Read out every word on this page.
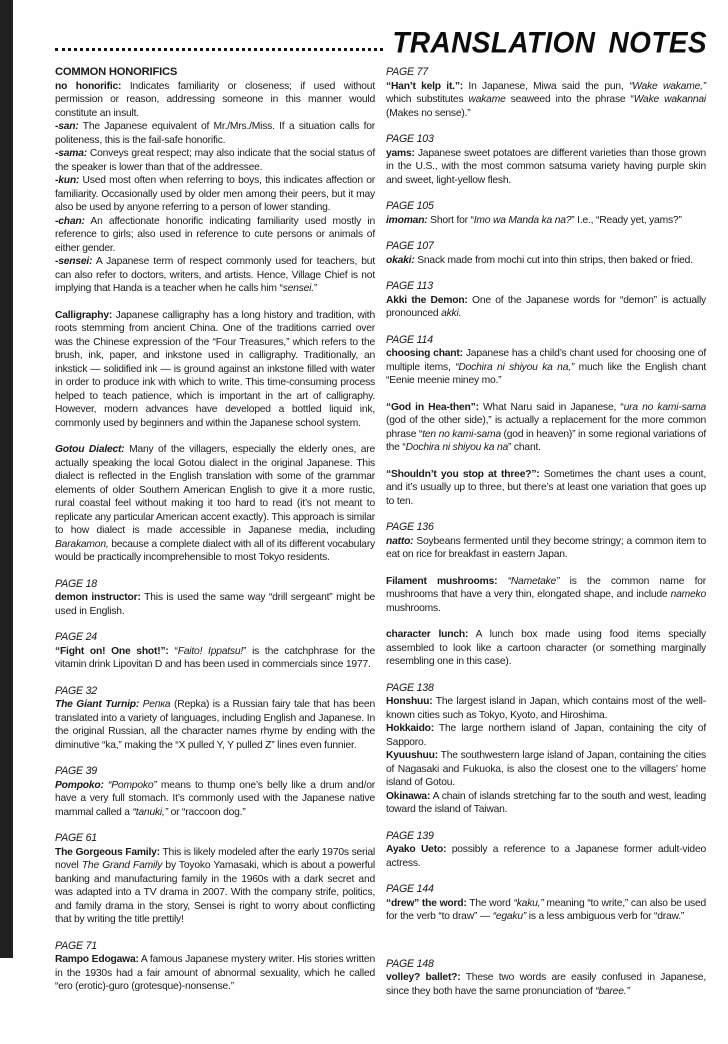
TRANSLATION NOTES
COMMON HONORIFICS

no honorific: Indicates familiarity or closeness; if used without permission or reason, addressing someone in this manner would constitute an insult.

-san: The Japanese equivalent of Mr./Mrs./Miss. If a situation calls for politeness, this is the fail-safe honorific.

-sama: Conveys great respect; may also indicate that the social status of the speaker is lower than that of the addressee.

-kun: Used most often when referring to boys, this indicates affection or familiarity. Occasionally used by older men among their peers, but it may also be used by anyone referring to a person of lower standing.

-chan: An affectionate honorific indicating familiarity used mostly in reference to girls; also used in reference to cute persons or animals of either gender.

-sensei: A Japanese term of respect commonly used for teachers, but can also refer to doctors, writers, and artists. Hence, Village Chief is not implying that Handa is a teacher when he calls him “sensei.”

Calligraphy: Japanese calligraphy has a long history and tradition, with roots stemming from ancient China. One of the traditions carried over was the Chinese expression of the “Four Treasures,” which refers to the brush, ink, paper, and inkstone used in calligraphy. Traditionally, an inkstick — solidified ink — is ground against an inkstone filled with water in order to produce ink with which to write. This time-consuming process helped to teach patience, which is important in the art of calligraphy. However, modern advances have developed a bottled liquid ink, commonly used by beginners and within the Japanese school system.

Gotou Dialect: Many of the villagers, especially the elderly ones, are actually speaking the local Gotou dialect in the original Japanese. This dialect is reflected in the English translation with some of the grammar elements of older Southern American English to give it a more rustic, rural coastal feel without making it too hard to read (it’s not meant to replicate any particular American accent exactly). This approach is similar to how dialect is made accessible in Japanese media, including Barakamon, because a complete dialect with all of its different vocabulary would be practically incomprehensible to most Tokyo residents.

PAGE 18

demon instructor: This is used the same way “drill sergeant” might be used in English.

PAGE 24

“Fight on! One shot!”: “Faito! Ippatsu!” is the catchphrase for the vitamin drink Lipovitan D and has been used in commercials since 1977.

PAGE 32

The Giant Turnip: Репка (Repka) is a Russian fairy tale that has been translated into a variety of languages, including English and Japanese. In the original Russian, all the character names rhyme by ending with the diminutive “ka,” making the “X pulled Y, Y pulled Z” lines even funnier.

PAGE 39

Pompoko: “Pompoko” means to thump one’s belly like a drum and/or have a very full stomach. It’s commonly used with the Japanese native mammal called a “tanuki,” or “raccoon dog.”

PAGE 61

The Gorgeous Family: This is likely modeled after the early 1970s serial novel The Grand Family by Toyoko Yamasaki, which is about a powerful banking and manufacturing family in the 1960s with a dark secret and was adapted into a TV drama in 2007. With the company strife, politics, and family drama in the story, Sensei is right to worry about conflicting that by writing the title prettily!

PAGE 71

Rampo Edogawa: A famous Japanese mystery writer. His stories written in the 1930s had a fair amount of abnormal sexuality, which he called “ero (erotic)-guro (grotesque)-nonsense.”

PAGE 77

“Han’t kelp it.”: In Japanese, Miwa said the pun, “Wake wakame,” which substitutes wakame seaweed into the phrase “Wake wakannai (Makes no sense).”

PAGE 103

yams: Japanese sweet potatoes are different varieties than those grown in the U.S., with the most common satsuma variety having purple skin and sweet, light-yellow flesh.

PAGE 105

imoman: Short for “Imo wa Manda ka na?” I.e., “Ready yet, yams?”

PAGE 107

okaki: Snack made from mochi cut into thin strips, then baked or fried.

PAGE 113

Akki the Demon: One of the Japanese words for “demon” is actually pronounced akki.

PAGE 114

choosing chant: Japanese has a child’s chant used for choosing one of multiple items, “Dochira ni shiyou ka na,” much like the English chant “Eenie meenie miney mo.”

“God in Hea-then”: What Naru said in Japanese, “ura no kami-sama (god of the other side),” is actually a replacement for the more common phrase “ten no kami-sama (god in heaven)” in some regional variations of the “Dochira ni shiyou ka na” chant.

“Shouldn’t you stop at three?”: Sometimes the chant uses a count, and it’s usually up to three, but there’s at least one variation that goes up to ten.

PAGE 136

natto: Soybeans fermented until they become stringy; a common item to eat on rice for breakfast in eastern Japan.

Filament mushrooms: “Nametake” is the common name for mushrooms that have a very thin, elongated shape, and include nameko mushrooms.

character lunch: A lunch box made using food items specially assembled to look like a cartoon character (or something marginally resembling one in this case).

PAGE 138

Honshuu: The largest island in Japan, which contains most of the well-known cities such as Tokyo, Kyoto, and Hiroshima.

Hokkaido: The large northern island of Japan, containing the city of Sapporo.

Kyuushuu: The southwestern large island of Japan, containing the cities of Nagasaki and Fukuoka, is also the closest one to the villagers’ home island of Gotou.

Okinawa: A chain of islands stretching far to the south and west, leading toward the island of Taiwan.

PAGE 139

Ayako Ueto: possibly a reference to a Japanese former adult-video actress.

PAGE 144

“drew” the word: The word “kaku,” meaning “to write,” can also be used for the verb “to draw” — “egaku” is a less ambiguous verb for “draw.”

PAGE 148

volley? ballet?: These two words are easily confused in Japanese, since they both have the same pronunciation of “baree.”
